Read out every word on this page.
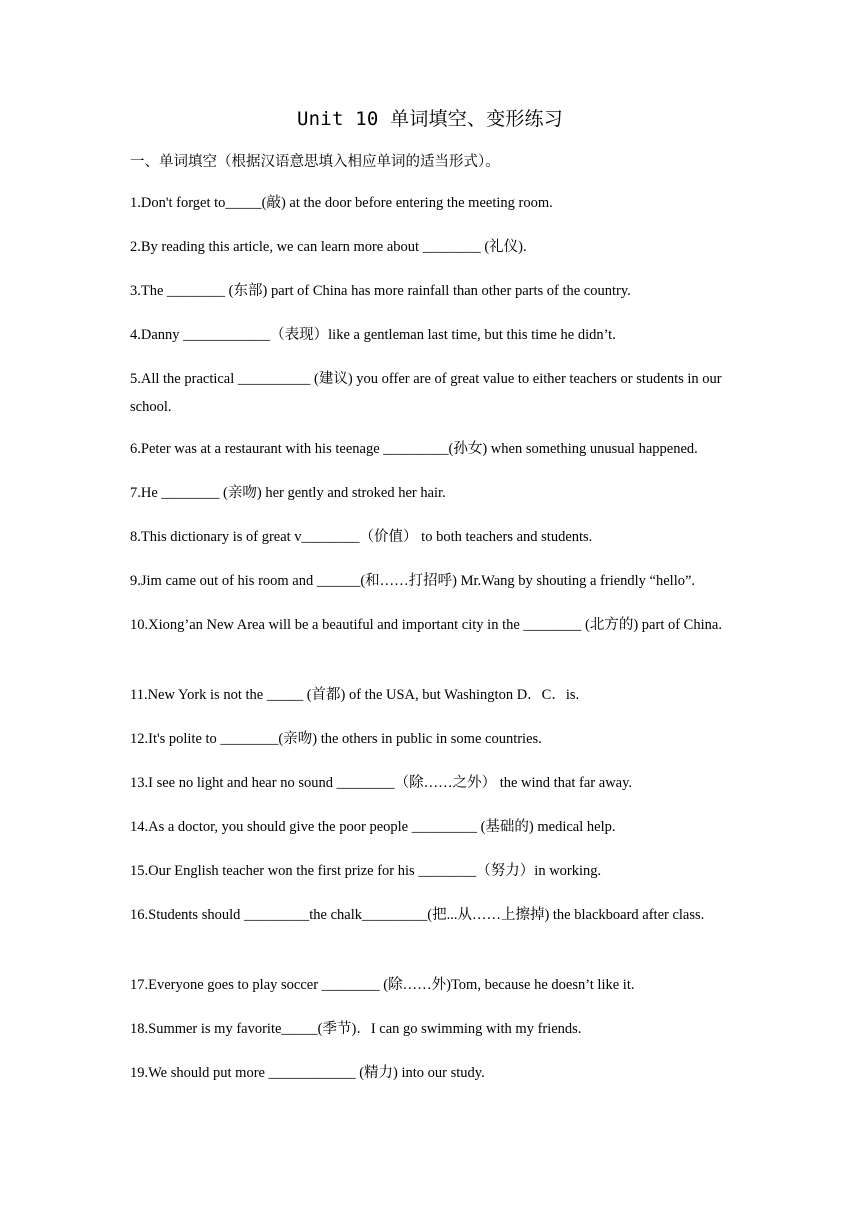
Unit 10 单词填空、变形练习
一、单词填空（根据汉语意思填入相应单词的适当形式）。
1.Don't forget to_____(敲) at the door before entering the meeting room.
2.By reading this article, we can learn more about ________ (礼仪).
3.The ________ (东部) part of China has more rainfall than other parts of the country.
4.Danny ____________（表现）like a gentleman last time, but this time he didn’t.
5.All the practical __________ (建议) you offer are of great value to either teachers or students in our school.
6.Peter was at a restaurant with his teenage _________(孙女) when something unusual happened.
7.He ________ (亲吻) her gently and stroked her hair.
8.This dictionary is of great v________（价值） to both teachers and students.
9.Jim came out of his room and ______(和……打招呼) Mr.Wang by shouting a friendly “hello”.
10.Xiong’an New Area will be a beautiful and important city in the ________ (北方的) part of China.
11.New York is not the _____ (首都) of the USA, but Washington D．C．is.
12.It's polite to ________(亲吻) the others in public in some countries.
13.I see no light and hear no sound ________（除……之外） the wind that far away.
14.As a doctor, you should give the poor people _________ (基础的) medical help.
15.Our English teacher won the first prize for his ________（努力）in working.
16.Students should _________the chalk_________(把...从……上擦掉) the blackboard after class.
17.Everyone goes to play soccer ________ (除……外)Tom, because he doesn’t like it.
18.Summer is my favorite_____(季节)．I can go swimming with my friends.
19.We should put more ____________ (精力) into our study.
